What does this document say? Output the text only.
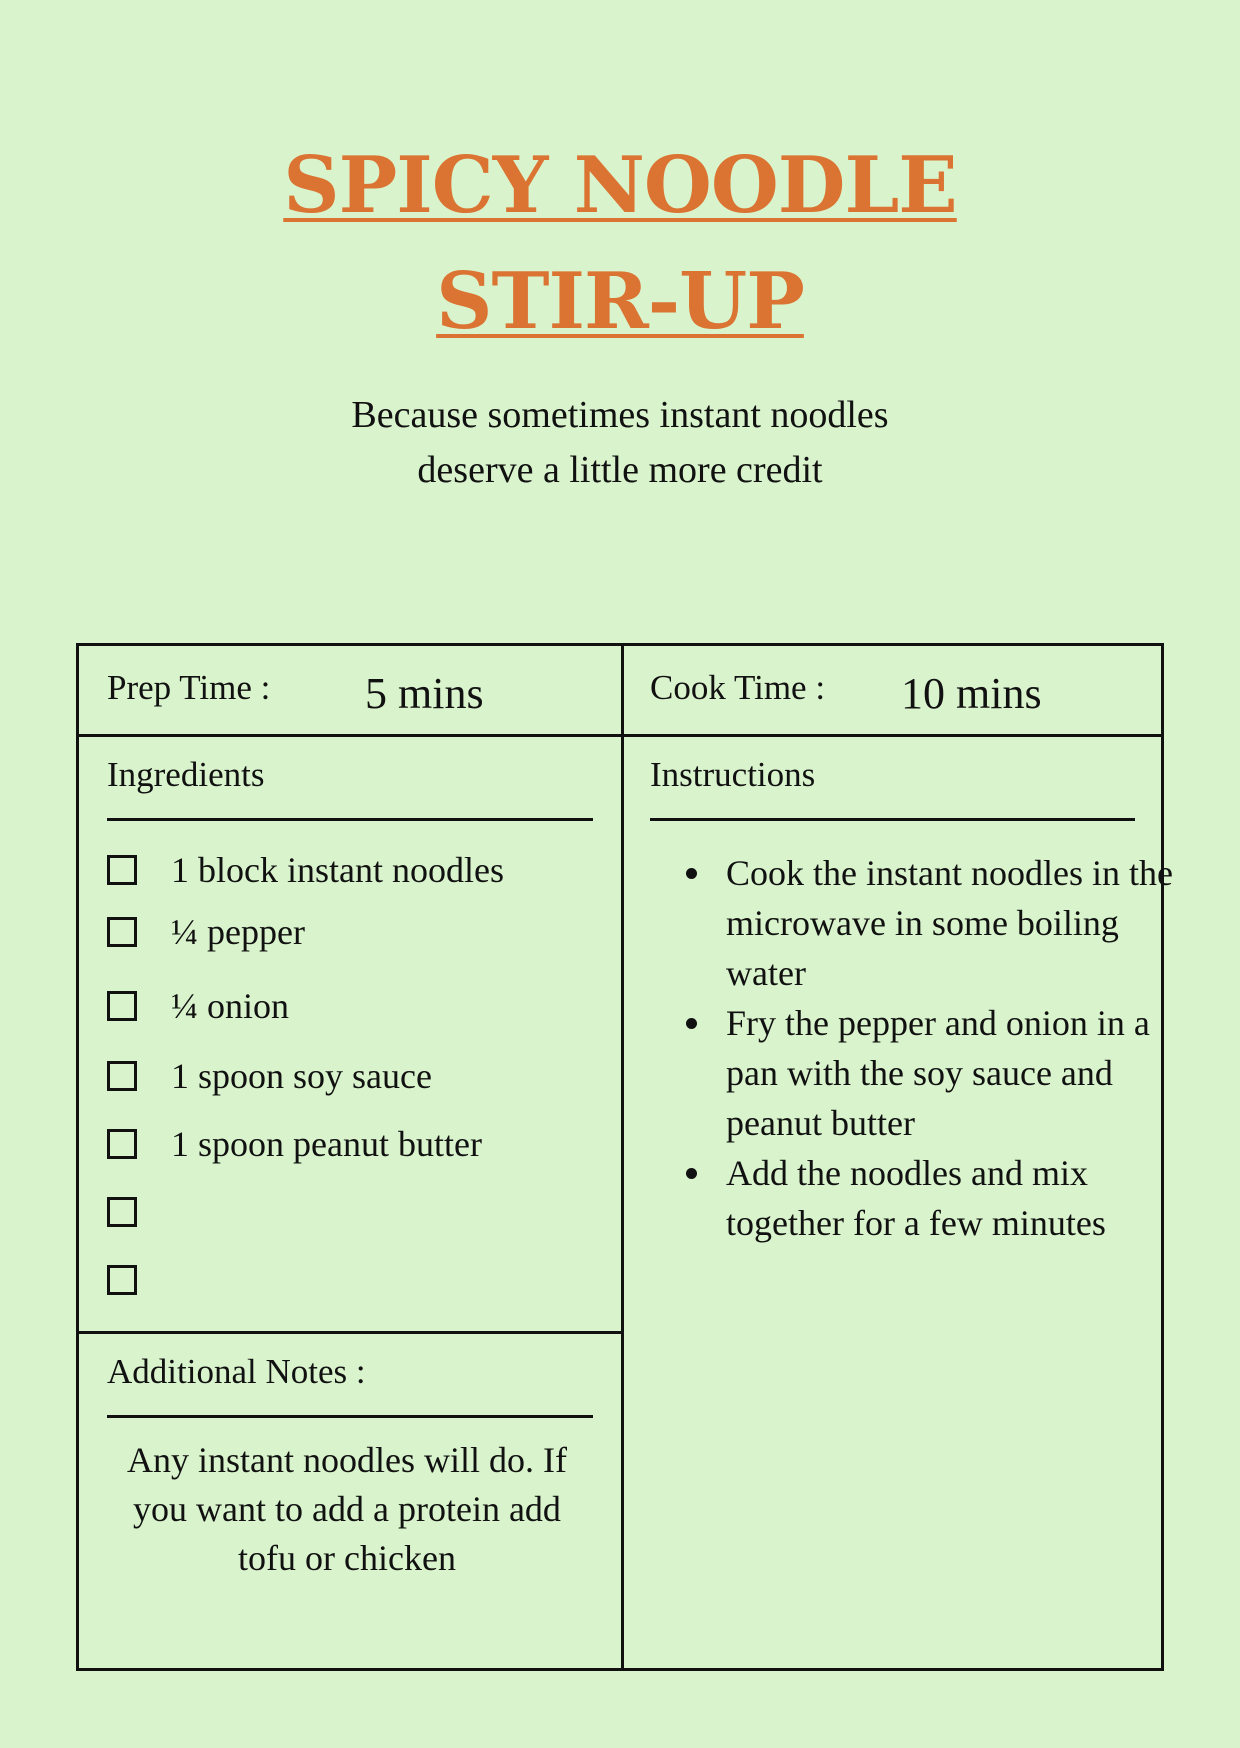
SPICY NOODLE
STIR-UP
Because sometimes instant noodles deserve a little more credit
Prep Time : 5 mins	Cook Time : 10 mins
Ingredients
1 block instant noodles
¼ pepper
¼ onion
1 spoon soy sauce
1 spoon peanut butter
Instructions
Cook the instant noodles in the microwave in some boiling water
Fry the pepper and onion in a pan with the soy sauce and peanut butter
Add the noodles and mix together for a few minutes
Additional Notes :
Any instant noodles will do. If you want to add a protein add tofu or chicken
